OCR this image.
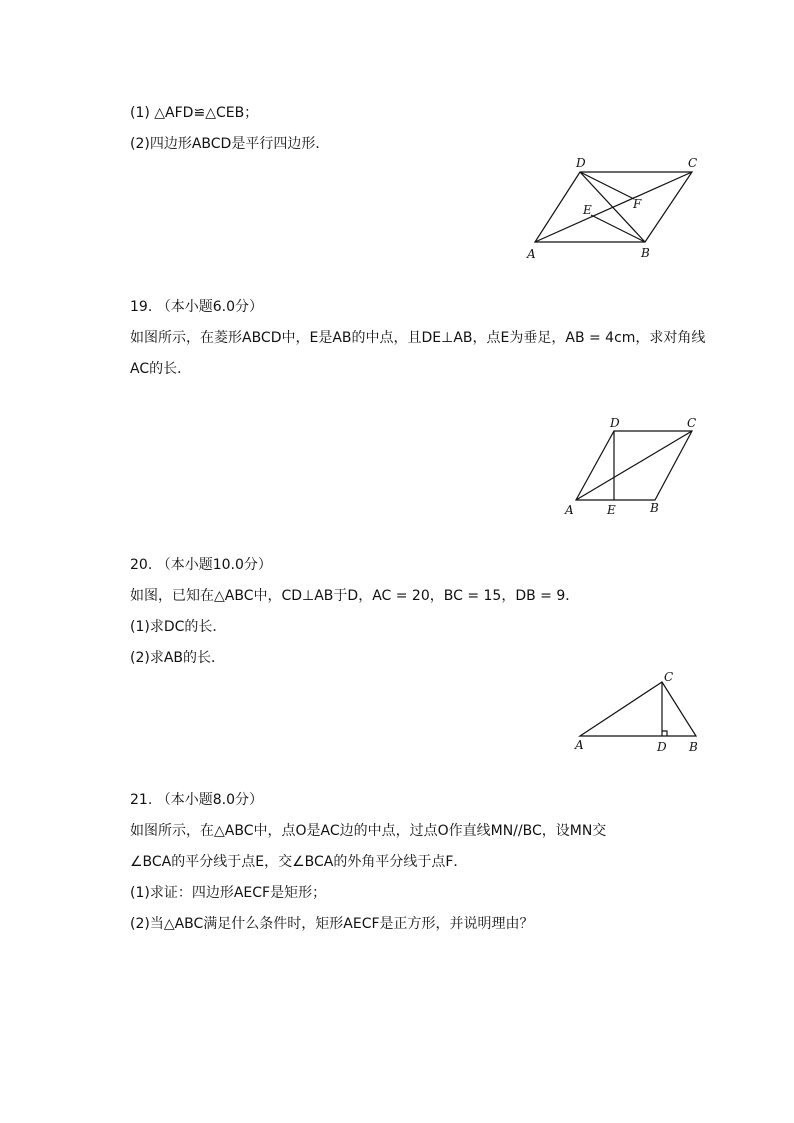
(1) △AFD≌△CEB；
(2)四边形ABCD是平行四边形．
D	C
A	B
E	F
19. （本小题6.0分）
如图所示，在菱形ABCD中，E是AB的中点，且DE⊥AB，点E为垂足，AB = 4cm，求对角线
AC的长．
D	C
A	E	B
20. （本小题10.0分）
如图，已知在△ABC中，CD⊥AB于D，AC = 20，BC = 15，DB = 9．
(1)求DC的长．
(2)求AB的长．
C
A	D B
21. （本小题8.0分）
如图所示，在△ABC中，点O是AC边的中点，过点O作直线MN//BC，设MN交
∠BCA的平分线于点E，交∠BCA的外角平分线于点F．
(1)求证：四边形AECF是矩形；
(2)当△ABC满足什么条件时，矩形AECF是正方形，并说明理由？
